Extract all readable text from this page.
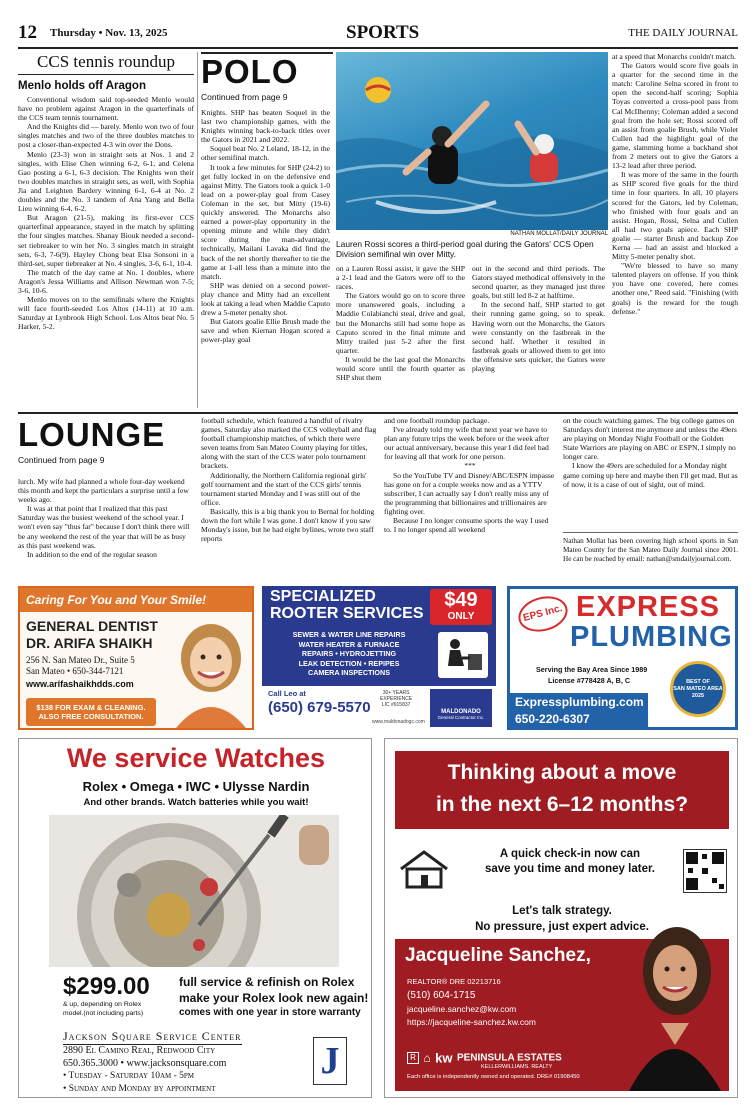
12 Thursday • Nov. 13, 2025	SPORTS	THE DAILY JOURNAL
CCS tennis roundup
Menlo holds off Aragon

Conventional wisdom said top-seeded Menlo would have no problem against Aragon in the quarterfinals of the CCS team tennis tournament.

And the Knights did — barely. Menlo won two of four singles matches and two of the three doubles matches to post a closer-than-expected 4-3 win over the Dons.

Menlo (23-3) won in straight sets at Nos. 1 and 2 singles, with Elise Chen winning 6-2, 6-1, and Celena Gao posting a 6-1, 6-3 decision. The Knights won their two doubles matches in straight sets, as well, with Sophia Jia and Leighten Bardery winning 6-1, 6-4 at No. 2 doubles and the No. 3 tandem of Ana Yang and Bella Lieu winning 6-4, 6-2.

But Aragon (21-5), making its first-ever CCS quarterfinal appearance, stayed in the match by splitting the four singles matches. Shanay Biouk needed a second-set tiebreaker to win her No. 3 singles match in straight sets, 6-3, 7-6(9). Hayley Chong beat Elsa Sonsoni in a third-set, super tiebreaker at No. 4 singles, 3-6, 6-1, 10-4.

The match of the day came at No. 1 doubles, where Aragon's Jessa Williams and Allison Newman won 7-5; 3-6, 10-6.

Menlo moves on to the semifinals where the Knights will face fourth-seeded Los Altos (14-11) at 10 a.m. Saturday at Lynbrook High School. Los Altos beat No. 5 Harker, 5-2.

POLO
Continued from page 9

Knights. SHP has beaten Soquel in the last two championship games, with the Knights winning back-to-back titles over the Gators in 2021 and 2022.

Soquel beat No. 2 Leland, 18-12, in the other semifinal match.

It took a few minutes for SHP (24-2) to get fully locked in on the defensive end against Mitty. The Gators took a quick 1-0 lead on a power-play goal from Casey Coleman in the set, but Mitty (19-6) quickly answered. The Monarchs also earned a power-play opportunity in the opening minute and while they didn't score during the man-advantage, technically, Mailani Lavaka did find the back of the net shortly thereafter to tie the game at 1-all less than a minute into the match.

SHP was denied on a second power-play chance and Mitty had an excellent look at taking a lead when Maddie Caputo drew a 5-meter penalty shot.

But Gators goalie Ellie Brush made the save and when Kiernan Hogan scored a power-play goal

NATHAN MOLLAT/DAILY JOURNAL
Lauren Rossi scores a third-period goal during the Gators' CCS Open Division semifinal win over Mitty.

on a Lauren Rossi assist, it gave the SHP a 2-1 lead and the Gators were off to the races.

The Gators would go on to score three more unanswered goals, including a Maddie Colabianchi steal, drive and goal, but the Monarchs still had some hope as Caputo scored in the final minute and Mitty trailed just 5-2 after the first quarter.

It would be the last goal the Monarchs would score until the fourth quarter as SHP shut them

out in the second and third periods. The Gators stayed methodical offensively in the second quarter, as they managed just three goals, but still led 8-2 at halftime.

In the second half, SHP started to get their running game going, so to speak. Having worn out the Monarchs, the Gators were constantly on the fastbreak in the second half. Whether it resulted in fastbreak goals or allowed them to get into the offensive sets quicker, the Gators were playing

at a speed that Monarchs couldn't match.

The Gators would score five goals in a quarter for the second time in the match: Caroline Selna scored in front to open the second-half scoring; Sophia Toyas converted a cross-pool pass from Cal McIlhenny; Coleman added a second goal from the hole set; Rossi scored off an assist from goalie Brush, while Violet Cullen had the highlight goal of the game, slamming home a backhand shot from 2 meters out to give the Gators a 13-2 lead after three period.

It was more of the same in the fourth as SHP scored five goals for the third time in four quarters. In all, 10 players scored for the Gators, led by Coleman, who finished with four goals and an assist. Hogan, Rossi, Selna and Cullen all had two goals apiece. Each SHP goalie — starter Brush and backup Zoe Kerna — had an assist and blocked a Mitty 5-meter penalty shot.

"We're blessed to have so many talented players on offense. If you think you have one covered, here comes another one," Reed said. "Finishing (with goals) is the reward for the tough defense."

LOUNGE
Continued from page 9

lurch. My wife had planned a whole four-day weekend this month and kept the particulars a surprise until a few weeks ago.

It was at that point that I realized that this past Saturday was the busiest weekend of the school year. I won't even say "thus far" because I don't think there will be any weekend the rest of the year that will be as busy as this past weekend was.

In addition to the end of the regular season

football schedule, which featured a handful of rivalry games, Saturday also marked the CCS volleyball and flag football championship matches, of which there were seven teams from San Mateo County playing for titles, along with the start of the CCS water polo tournament brackets.

Additionally, the Northern California regional girls' golf tournament and the start of the CCS girls' tennis tournament started Monday and I was still out of the office.

Basically, this is a big thank you to Bernal for holding down the fort while I was gone. I don't know if you saw Monday's issue, but he had eight bylines, wrote two staff reports

and one football roundup package.

I've already told my wife that next year we have to plan any future trips the week before or the week after our actual anniversary, because this year I did feel bad for leaving all that work for one person.

***

So the YouTube TV and Disney/ABC/ESPN impasse has gone on for a couple weeks now and as a YTTV subscriber, I can actually say I don't really miss any of the programming that billionaires and trillionaires are fighting over.

Because I no longer consume sports the way I used to. I no longer spend all weekend

on the couch watching games. The big college games on Saturdays don't interest me anymore and unless the 49ers are playing on Monday Night Football or the Golden State Warriors are playing on ABC or ESPN, I simply no longer care.

I know the 49ers are scheduled for a Monday night game coming up here and maybe then I'll get mad. But as of now, it is a case of out of sight, out of mind.

Nathan Mollat has been covering high school sports in San Mateo County for the San Mateo Daily Journal since 2001. He can be reached by email: nathan@smdailyjournal.com.
Caring For You and Your Smile!
GENERAL DENTIST
DR. ARIFA SHAIKH
256 N. San Mateo Dr., Suite 5
San Mateo • 650-344-7121
www.arifashaikhdds.com
$138 FOR EXAM & CLEANING.
ALSO FREE CONSULTATION.
SPECIALIZED
ROOTER SERVICES
$49
ONLY
SEWER & WATER LINE REPAIRS
WATER HEATER & FURNACE
REPAIRS • HYDROJETTING
LEAK DETECTION • REPIPES
CAMERA INSPECTIONS
Call Leo at
(650) 679-5570
www.maldonadogc.com
30+ YEARS
EXPERIENCE
LIC #915837
MALDONADO
General Contractor Inc.
EPS Inc. EXPRESS
PLUMBING
Serving the Bay Area Since 1989
License #778428 A, B, C
Expressplumbing.com
650-220-6307
BEST OF
SAN MATEO AREA
2025
We service Watches
Rolex • Omega • IWC • Ulysse Nardin
And other brands. Watch batteries while you wait!
$299.00
& up, depending on Rolex
model.(not including parts)
full service & refinish on Rolex
make your Rolex look new again!
comes with one year in store warranty
Jackson Square Service Center
2890 El Camino Real, Redwood City
650.365.3000 • www.jacksonsquare.com
• Tuesday - Saturday 10am - 5pm
• Sunday and Monday by appointment
J
Thinking about a move
in the next 6–12 months?
A quick check-in now can
save you time and money later.
Let's talk strategy.
No pressure, just expert advice.
Jacqueline Sanchez,
REALTOR® DRE 02213716
(510) 604-1715
jacqueline.sanchez@kw.com
https://jacqueline-sanchez.kw.com
R ⌂ kw PENINSULA ESTATES
KELLERWILLIAMS. REALTY
Each office is independently owned and operated. DRE# 01908450
